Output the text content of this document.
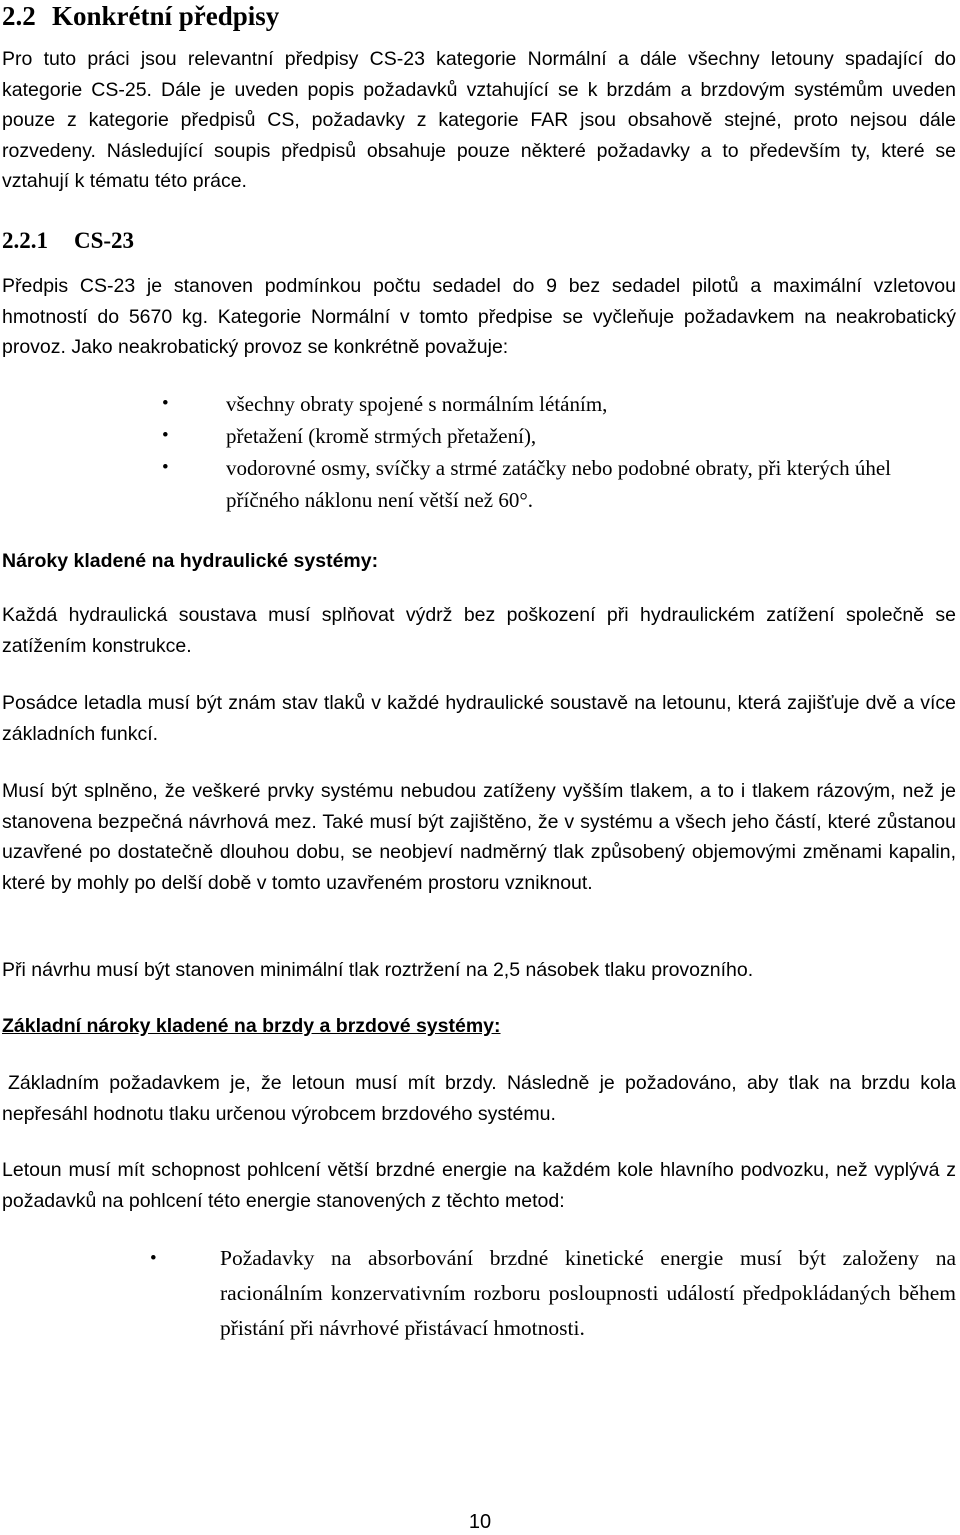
2.2 Konkrétní předpisy

Pro tuto práci jsou relevantní předpisy CS-23 kategorie Normální a dále všechny letouny spadající do kategorie CS-25. Dále je uveden popis požadavků vztahující se k brzdám a brzdovým systémům uveden pouze z kategorie předpisů CS, požadavky z kategorie FAR jsou obsahově stejné, proto nejsou dále rozvedeny. Následující soupis předpisů obsahuje pouze některé požadavky a to především ty, které se vztahují k tématu této práce.

2.2.1 CS-23

Předpis CS-23 je stanoven podmínkou počtu sedadel do 9 bez sedadel pilotů a maximální vzletovou hmotností do 5670 kg. Kategorie Normální v tomto předpise se vyčleňuje požadavkem na neakrobatický provoz. Jako neakrobatický provoz se konkrétně považuje:

•	všechny obraty spojené s normálním létáním,
•	přetažení (kromě strmých přetažení),
•	vodorovné osmy, svíčky a strmé zatáčky nebo podobné obraty, při kterých úhel příčného náklonu není větší než 60°.

Nároky kladené na hydraulické systémy:

Každá hydraulická soustava musí splňovat výdrž bez poškození při hydraulickém zatížení společně se zatížením konstrukce.

Posádce letadla musí být znám stav tlaků v každé hydraulické soustavě na letounu, která zajišťuje dvě a více základních funkcí.

Musí být splněno, že veškeré prvky systému nebudou zatíženy vyšším tlakem, a to i tlakem rázovým, než je stanovena bezpečná návrhová mez. Také musí být zajištěno, že v systému a všech jeho částí, které zůstanou uzavřené po dostatečně dlouhou dobu, se neobjeví nadměrný tlak způsobený objemovými změnami kapalin, které by mohly po delší době v tomto uzavřeném prostoru vzniknout.

Při návrhu musí být stanoven minimální tlak roztržení na 2,5 násobek tlaku provozního.

Základní nároky kladené na brzdy a brzdové systémy:

Základním požadavkem je, že letoun musí mít brzdy. Následně je požadováno, aby tlak na brzdu kola nepřesáhl hodnotu tlaku určenou výrobcem brzdového systému.

Letoun musí mít schopnost pohlcení větší brzdné energie na každém kole hlavního podvozku, než vyplývá z požadavků na pohlcení této energie stanovených z těchto metod:

•	Požadavky na absorbování brzdné kinetické energie musí být založeny na racionálním konzervativním rozboru posloupnosti událostí předpokládaných během přistání při návrhové přistávací hmotnosti.
10
